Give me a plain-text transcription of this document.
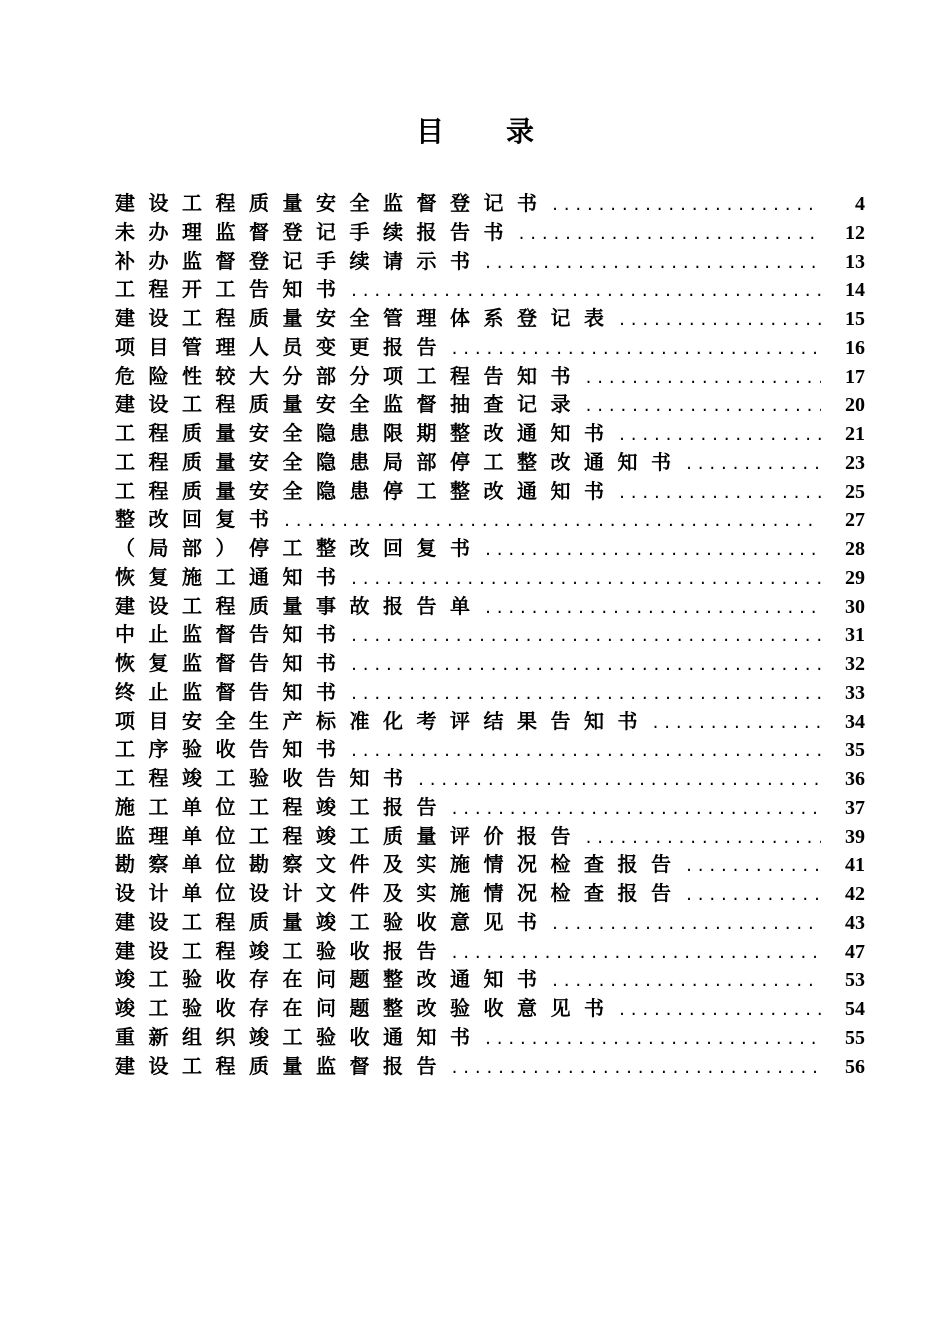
目录
建设工程质量安全监督登记书 .....	4
未办理监督登记手续报告书 .....	12
补办监督登记手续请示书 .....	13
工程开工告知书 .....	14
建设工程质量安全管理体系登记表 .....	15
项目管理人员变更报告 .....	16
危险性较大分部分项工程告知书 .....	17
建设工程质量安全监督抽查记录 .....	20
工程质量安全隐患限期整改通知书 .....	21
工程质量安全隐患局部停工整改通知书 .....	23
工程质量安全隐患停工整改通知书 .....	25
整改回复书 .....	27
（局部）停工整改回复书 .....	28
恢复施工通知书 .....	29
建设工程质量事故报告单 .....	30
中止监督告知书 .....	31
恢复监督告知书 .....	32
终止监督告知书 .....	33
项目安全生产标准化考评结果告知书 .....	34
工序验收告知书 .....	35
工程竣工验收告知书 .....	36
施工单位工程竣工报告 .....	37
监理单位工程竣工质量评价报告 .....	39
勘察单位勘察文件及实施情况检查报告 .....	41
设计单位设计文件及实施情况检查报告 .....	42
建设工程质量竣工验收意见书 .....	43
建设工程竣工验收报告 .....	47
竣工验收存在问题整改通知书 .....	53
竣工验收存在问题整改验收意见书 .....	54
重新组织竣工验收通知书 .....	55
建设工程质量监督报告 .....	56
